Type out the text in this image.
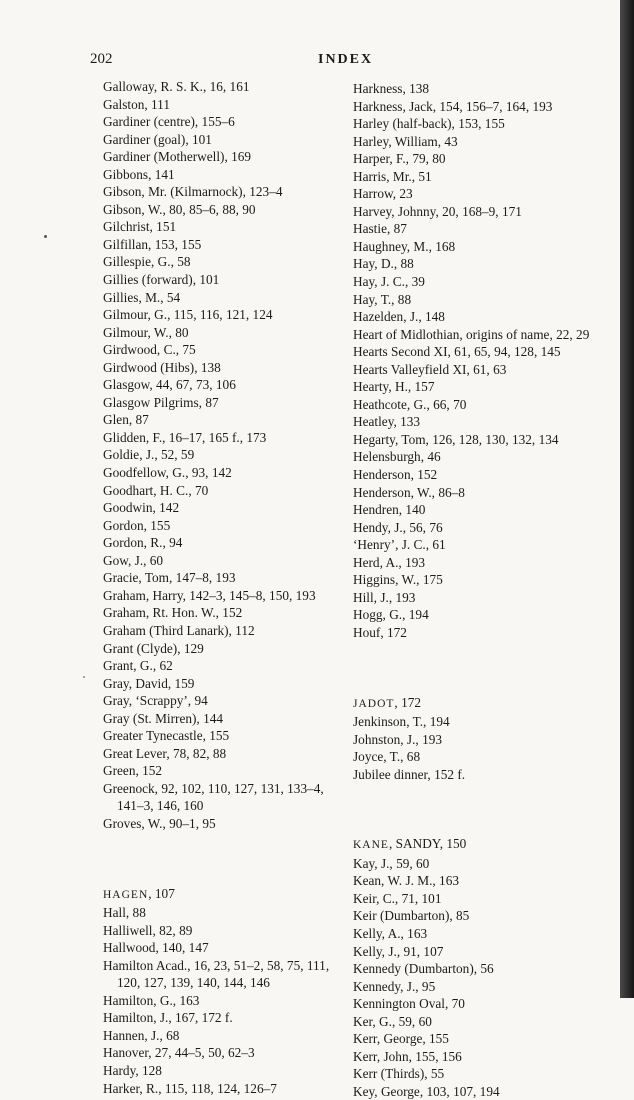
202	INDEX
Galloway, R. S. K., 16, 161
Galston, 111
Gardiner (centre), 155–6
Gardiner (goal), 101
Gardiner (Motherwell), 169
Gibbons, 141
Gibson, Mr. (Kilmarnock), 123–4
Gibson, W., 80, 85–6, 88, 90
Gilchrist, 151
Gilfillan, 153, 155
Gillespie, G., 58
Gillies (forward), 101
Gillies, M., 54
Gilmour, G., 115, 116, 121, 124
Gilmour, W., 80
Girdwood, C., 75
Girdwood (Hibs), 138
Glasgow, 44, 67, 73, 106
Glasgow Pilgrims, 87
Glen, 87
Glidden, F., 16–17, 165 f., 173
Goldie, J., 52, 59
Goodfellow, G., 93, 142
Goodhart, H. C., 70
Goodwin, 142
Gordon, 155
Gordon, R., 94
Gow, J., 60
Gracie, Tom, 147–8, 193
Graham, Harry, 142–3, 145–8, 150, 193
Graham, Rt. Hon. W., 152
Graham (Third Lanark), 112
Grant (Clyde), 129
Grant, G., 62
Gray, David, 159
Gray, ‘Scrappy’, 94
Gray (St. Mirren), 144
Greater Tynecastle, 155
Great Lever, 78, 82, 88
Green, 152
Greenock, 92, 102, 110, 127, 131, 133–4, 141–3, 146, 160
Groves, W., 90–1, 95
HAGEN, 107
Hall, 88
Halliwell, 82, 89
Hallwood, 140, 147
Hamilton Acad., 16, 23, 51–2, 58, 75, 111, 120, 127, 139, 140, 144, 146
Hamilton, G., 163
Hamilton, J., 167, 172 f.
Hannen, J., 68
Hanover, 27, 44–5, 50, 62–3
Hardy, 128
Harker, R., 115, 118, 124, 126–7
Harkness, 138
Harkness, Jack, 154, 156–7, 164, 193
Harley (half-back), 153, 155
Harley, William, 43
Harper, F., 79, 80
Harris, Mr., 51
Harrow, 23
Harvey, Johnny, 20, 168–9, 171
Hastie, 87
Haughney, M., 168
Hay, D., 88
Hay, J. C., 39
Hay, T., 88
Hazelden, J., 148
Heart of Midlothian, origins of name, 22, 29
Hearts Second XI, 61, 65, 94, 128, 145
Hearts Valleyfield XI, 61, 63
Hearty, H., 157
Heathcote, G., 66, 70
Heatley, 133
Hegarty, Tom, 126, 128, 130, 132, 134
Helensburgh, 46
Henderson, 152
Henderson, W., 86–8
Hendren, 140
Hendy, J., 56, 76
‘Henry’, J. C., 61
Herd, A., 193
Higgins, W., 175
Hill, J., 193
Hogg, G., 194
Houf, 172
JADOT, 172
Jenkinson, T., 194
Johnston, J., 193
Joyce, T., 68
Jubilee dinner, 152 f.
KANE, SANDY, 150
Kay, J., 59, 60
Kean, W. J. M., 163
Keir, C., 71, 101
Keir (Dumbarton), 85
Kelly, A., 163
Kelly, J., 91, 107
Kennedy (Dumbarton), 56
Kennedy, J., 95
Kennington Oval, 70
Ker, G., 59, 60
Kerr, George, 155
Kerr, John, 155, 156
Kerr (Thirds), 55
Key, George, 103, 107, 194
